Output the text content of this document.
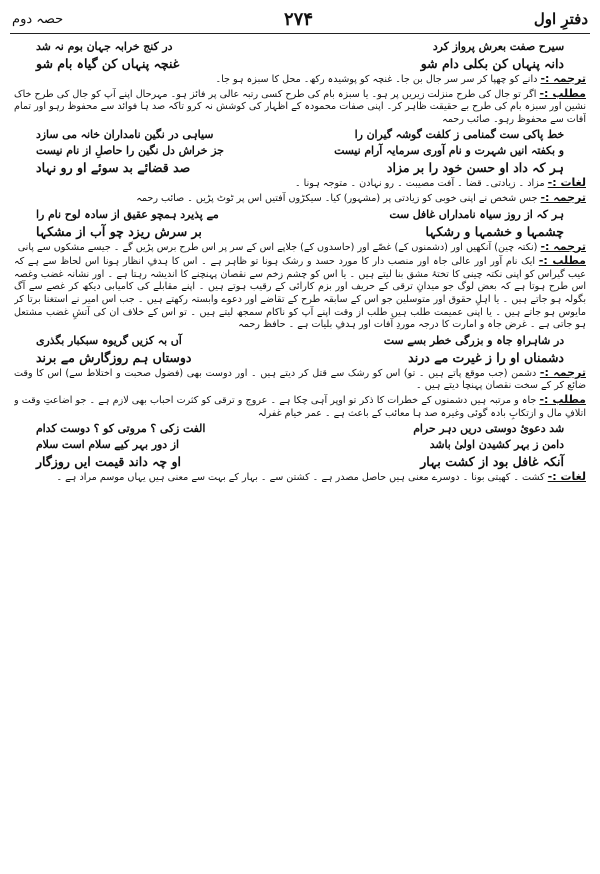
دفترِ اول
۲۷۴
حصہ دوم
سیرح صفت بعرش پرواز کرد
در کنج خرابہ جہان بوم نہ شد
دانہ پنہاں کن بکلی دام شو
غنچہ پنہاں کن گیاہ بام شو
ترجمہ :- دانے کو چھپا کر سر سر جال بن جا۔ غنچہ کو پوشیدہ رکھ۔ محل کا سبزہ ہو جا۔
مطلب :- اگر تو جال کی طرح منزلت زیریں پر ہو۔ یا سبزہ بام کی طرح کسی رتبہ عالی پر فائز ہو۔ مہرحال اپنے آپ کو جال کی طرح خاک نشین اور سبزہ بام کی طرح بے حقیقت ظاہر کر۔ اپنی صفات محمودہ کے اظہار کی کوشش نہ کرو تاکہ صد ہا فوائد سے محفوظ رہو اور تمام آفات سے محفوظ رہو۔ صائب رحمہ
خط پاکی ست گمنامی ز کلفت گوشہ گیران را
سیاہی در نگین نامداران خانہ می سازد
و بکفتہ انیں شہرت و نام آوری سرمایہ آرام نیست
جز خراش دل نگین را حاصلِ از نام نیست
ہر کہ داد او حسن خود را بر مزاد
صد قضائے بد سوئے او رو نہاد
لغات :- مزاد ۔ زیادتی۔ قضا ۔ آفت مصیبت ۔ رو نہادن ۔ متوجہ ہونا ۔
ترجمہ :- جس شخص نے اپنی خوبی کو زیادتی پر (مشہور) کیا۔ سیکڑوں آفتیں اس پر ٹوٹ پڑیں ۔ صائب رحمہ
ہر کہ از روز سیاہ نامداراں غافل ست
مے پذیرد ہمچو عقیق از سادہ لوح نام را
چشمہا و خشمہا و رشکہا
بر سرش ریزد چو آب از مشکہا
ترجمہ :- (نکتہ چین) آنکھیں اور (دشمنوں کے) غصّے اور (حاسدوں کے) جلاپے اس کے سر پر اس طرح برس پڑیں گے ۔ جیسے مشکوں سے پانی
مطلب :- ایک نام آور اور عالی جاہ اور منصب دار کا مورد حسد و رشک ہونا تو ظاہر ہے ۔ اس کا ہدفِ انظار ہونا اس لحاظ سے ہے کہ عیب گیراس کو اپنی نکتہ چینی کا تختۂ مشق بنا لیتے ہیں ۔ یا اس کو چشم زخم سے نقصان پہنچنے کا اندیشہ رہتا ہے ۔ اور نشانہ غضب وغصہ اس طرح ہوتا ہے کہ بعض لوگ جو میدانِ ترقی کے حریف اور بزم کارائی کے رقیب ہوتے ہیں ۔ اپنے مقابلے کی کامیابی دیکھ کر غصے سے آگ بگولہ ہو جاتے ہیں ۔ یا اہلِ حقوق اور متوسلین جو اس کے سابقہ طرح کے تقاضے اور دعوے وابستہ رکھتے ہیں ۔ جب اس امیر نے استغنا برتا کر مایوس ہو جاتے ہیں ۔ یا اپنی عمیمت طلب ہیں طلب از وقت اپنے آپ کو ناکام سمجھ لیتے ہیں ۔ تو اس کے خلاف ان کی آتشِ غضب مشتعل ہو جاتی ہے ۔ غرض جاہ و امارت کا درجہ موردِ آفات اور ہدفِ بلیات ہے ۔ حافظ رحمہ
در شاہراہِ جاہ و بزرگی خطر بسے ست
آں بہ کزیں گریوہ سبکبار بگذری
دشمناں او را ز غیرت مے درند
دوستاں ہم روزگارش مے برند
ترجمہ :- دشمن (جب موقع پاتے ہیں ۔ تو) اس کو رشک سے قتل کر دیتے ہیں ۔ اور دوست بھی (فضول صحبت و اختلاط سے) اس کا وقت ضائع کر کے سخت نقصان پہنچا دیتے ہیں ۔
مطلب :- جاہ و مرتبہ ہیں دشمنوں کے خطرات کا ذکر تو اوپر آہی چکا ہے ۔ عروج و ترقی کو کثرت احباب بھی لازم ہے ۔ جو اضاعتِ وقت و اتلافِ مال و ازتکابِ بادہ گوئی وغیرہ صد ہا معائب کے باعث ہے ۔ عمر خیام غفرلہ
شد دعوئ دوستی دریں دہر حرام
الفت زکی ؟ مروتی کو ؟ دوست کدام
دامن ز بہر کشیدن اولیٰ باشد
از دور بہر کیے سلام است سلام
آنکہ غافل بود از کشت بہار
او چہ داند قیمت ایں روزگار
لغات :- کشت ۔ کھیتی بونا ۔ دوسرے معنی ہیں حاصل مصدر ہے ۔ کشتن سے ۔ بہار کے بہت سے معنی ہیں یہاں موسم مراد ہے ۔
